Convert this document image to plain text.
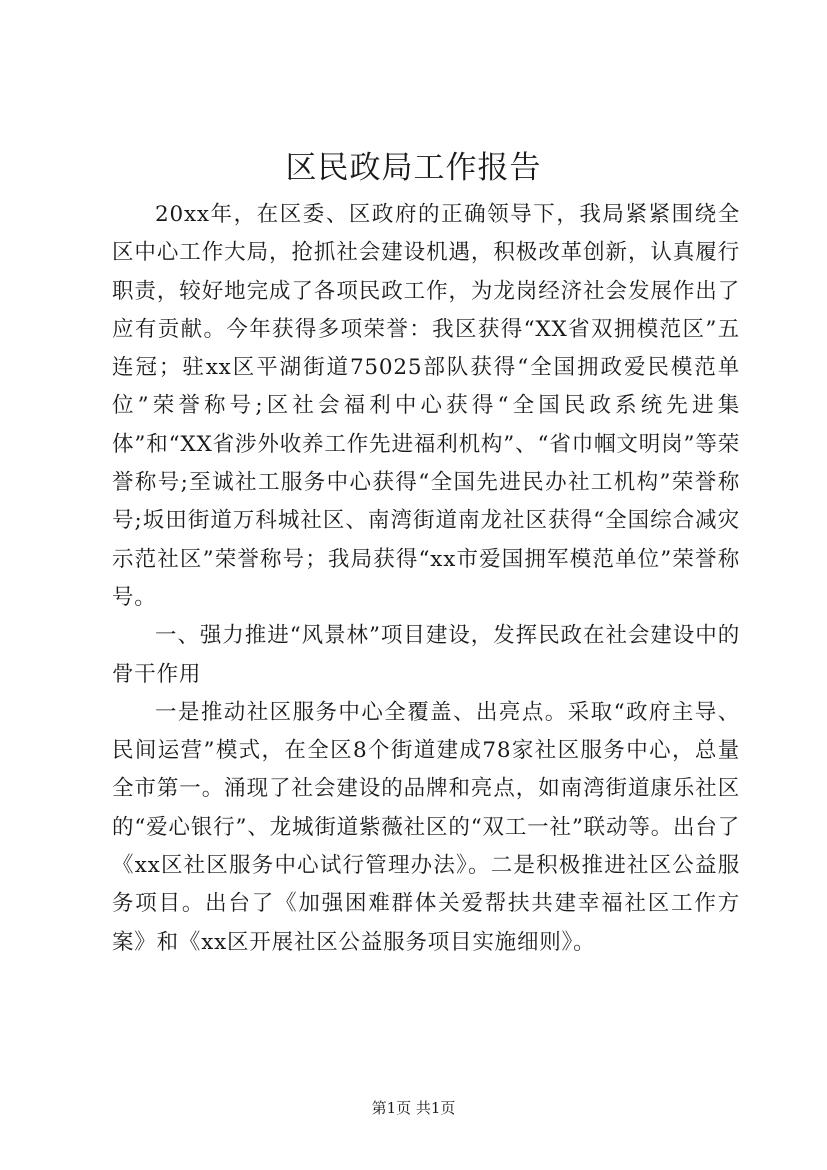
区民政局工作报告

20xx年，在区委、区政府的正确领导下，我局紧紧围绕全区中心工作大局，抢抓社会建设机遇，积极改革创新，认真履行职责，较好地完成了各项民政工作，为龙岗经济社会发展作出了应有贡献。今年获得多项荣誉：我区获得“XX省双拥模范区”五连冠；驻xx区平湖街道75025部队获得“全国拥政爱民模范单位”荣誉称号;区社会福利中心获得“全国民政系统先进集体”和“XX省涉外收养工作先进福利机构”、“省巾帼文明岗”等荣誉称号;至诚社工服务中心获得“全国先进民办社工机构”荣誉称号;坂田街道万科城社区、南湾街道南龙社区获得“全国综合减灾示范社区”荣誉称号；我局获得“xx市爱国拥军模范单位”荣誉称号。

一、强力推进“风景林”项目建设，发挥民政在社会建设中的骨干作用

一是推动社区服务中心全覆盖、出亮点。采取“政府主导、民间运营”模式，在全区8个街道建成78家社区服务中心，总量全市第一。涌现了社会建设的品牌和亮点，如南湾街道康乐社区的“爱心银行”、龙城街道紫薇社区的“双工一社”联动等。出台了《xx区社区服务中心试行管理办法》。二是积极推进社区公益服务项目。出台了《加强困难群体关爱帮扶共建幸福社区工作方案》和《xx区开展社区公益服务项目实施细则》。

第1页 共1页
